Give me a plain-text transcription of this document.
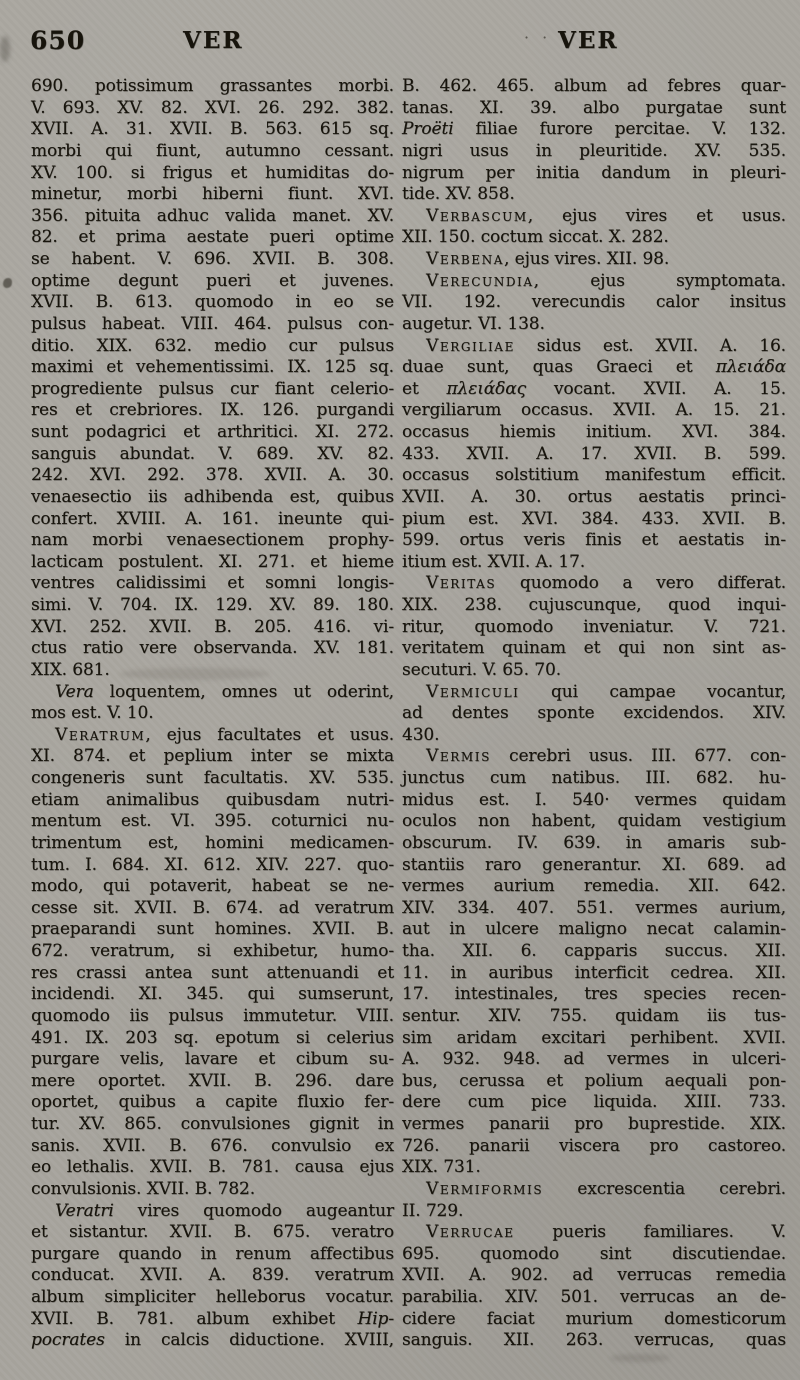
650	VER	· · VER
690. potissimum grassantes morbi.
V. 693. XV. 82. XVI. 26. 292. 382.
XVII. A. 31. XVII. B. 563. 615 sq.
morbi qui fiunt, autumno cessant.
XV. 100. si frigus et humiditas do-
minetur, morbi hiberni fiunt. XVI.
356. pituita adhuc valida manet. XV.
82. et prima aestate pueri optime
se habent. V. 696. XVII. B. 308.
optime degunt pueri et juvenes.
XVII. B. 613. quomodo in eo se
pulsus habeat. VIII. 464. pulsus con-
ditio. XIX. 632. medio cur pulsus
maximi et vehementissimi. IX. 125 sq.
progrediente pulsus cur fiant celerio-
res et crebriores. IX. 126. purgandi
sunt podagrici et arthritici. XI. 272.
sanguis abundat. V. 689. XV. 82.
242. XVI. 292. 378. XVII. A. 30.
venaesectio iis adhibenda est, quibus
confert. XVIII. A. 161. ineunte qui-
nam morbi venaesectionem prophy-
lacticam postulent. XI. 271. et hieme
ventres calidissimi et somni longis-
simi. V. 704. IX. 129. XV. 89. 180.
XVI. 252. XVII. B. 205. 416. vi-
ctus ratio vere observanda. XV. 181.
XIX. 681.
Vera loquentem, omnes ut oderint,
mos est. V. 10.
Veratrum, ejus facultates et usus.
XI. 874. et peplium inter se mixta
congeneris sunt facultatis. XV. 535.
etiam animalibus quibusdam nutri-
mentum est. VI. 395. coturnici nu-
trimentum est, homini medicamen-
tum. I. 684. XI. 612. XIV. 227. quo-
modo, qui potaverit, habeat se ne-
cesse sit. XVII. B. 674. ad veratrum
praeparandi sunt homines. XVII. B.
672. veratrum, si exhibetur, humo-
res crassi antea sunt attenuandi et
incidendi. XI. 345. qui sumserunt,
quomodo iis pulsus immutetur. VIII.
491. IX. 203 sq. epotum si celerius
purgare velis, lavare et cibum su-
mere oportet. XVII. B. 296. dare
oportet, quibus a capite fluxio fer-
tur. XV. 865. convulsiones gignit in
sanis. XVII. B. 676. convulsio ex
eo lethalis. XVII. B. 781. causa ejus
convulsionis. XVII. B. 782.
Veratri vires quomodo augeantur
et sistantur. XVII. B. 675. veratro
purgare quando in renum affectibus
conducat. XVII. A. 839. veratrum
album simpliciter helleborus vocatur.
XVII. B. 781. album exhibet Hip-
pocrates in calcis diductione. XVIII,
B. 462. 465. album ad febres quar-
tanas. XI. 39. albo purgatae sunt
Proëti filiae furore percitae. V. 132.
nigri usus in pleuritide. XV. 535.
nigrum per initia dandum in pleuri-
tide. XV. 858.
Verbascum, ejus vires et usus.
XII. 150. coctum siccat. X. 282.
Verbena, ejus vires. XII. 98.
Verecundia, ejus symptomata.
VII. 192. verecundis calor insitus
augetur. VI. 138.
Vergiliae sidus est. XVII. A. 16.
duae sunt, quas Graeci et πλειάδα
et πλειάδας vocant. XVII. A. 15.
vergiliarum occasus. XVII. A. 15. 21.
occasus hiemis initium. XVI. 384.
433. XVII. A. 17. XVII. B. 599.
occasus solstitium manifestum efficit.
XVII. A. 30. ortus aestatis princi-
pium est. XVI. 384. 433. XVII. B.
599. ortus veris finis et aestatis in-
itium est. XVII. A. 17.
Veritas quomodo a vero differat.
XIX. 238. cujuscunque, quod inqui-
ritur, quomodo inveniatur. V. 721.
veritatem quinam et qui non sint as-
secuturi. V. 65. 70.
Vermiculi qui campae vocantur,
ad dentes sponte excidendos. XIV.
430.
Vermis cerebri usus. III. 677. con-
junctus cum natibus. III. 682. hu-
midus est. I. 540· vermes quidam
oculos non habent, quidam vestigium
obscurum. IV. 639. in amaris sub-
stantiis raro generantur. XI. 689. ad
vermes aurium remedia. XII. 642.
XIV. 334. 407. 551. vermes aurium,
aut in ulcere maligno necat calamin-
tha. XII. 6. capparis succus. XII.
11. in auribus interficit cedrea. XII.
17. intestinales, tres species recen-
sentur. XIV. 755. quidam iis tus-
sim aridam excitari perhibent. XVII.
A. 932. 948. ad vermes in ulceri-
bus, cerussa et polium aequali pon-
dere cum pice liquida. XIII. 733.
vermes panarii pro buprestide. XIX.
726. panarii viscera pro castoreo.
XIX. 731.
Vermiformis excrescentia cerebri.
II. 729.
Verrucae pueris familiares. V.
695. quomodo sint discutiendae.
XVII. A. 902. ad verrucas remedia
parabilia. XIV. 501. verrucas an de-
cidere faciat murium domesticorum
sanguis. XII. 263. verrucas, quas
